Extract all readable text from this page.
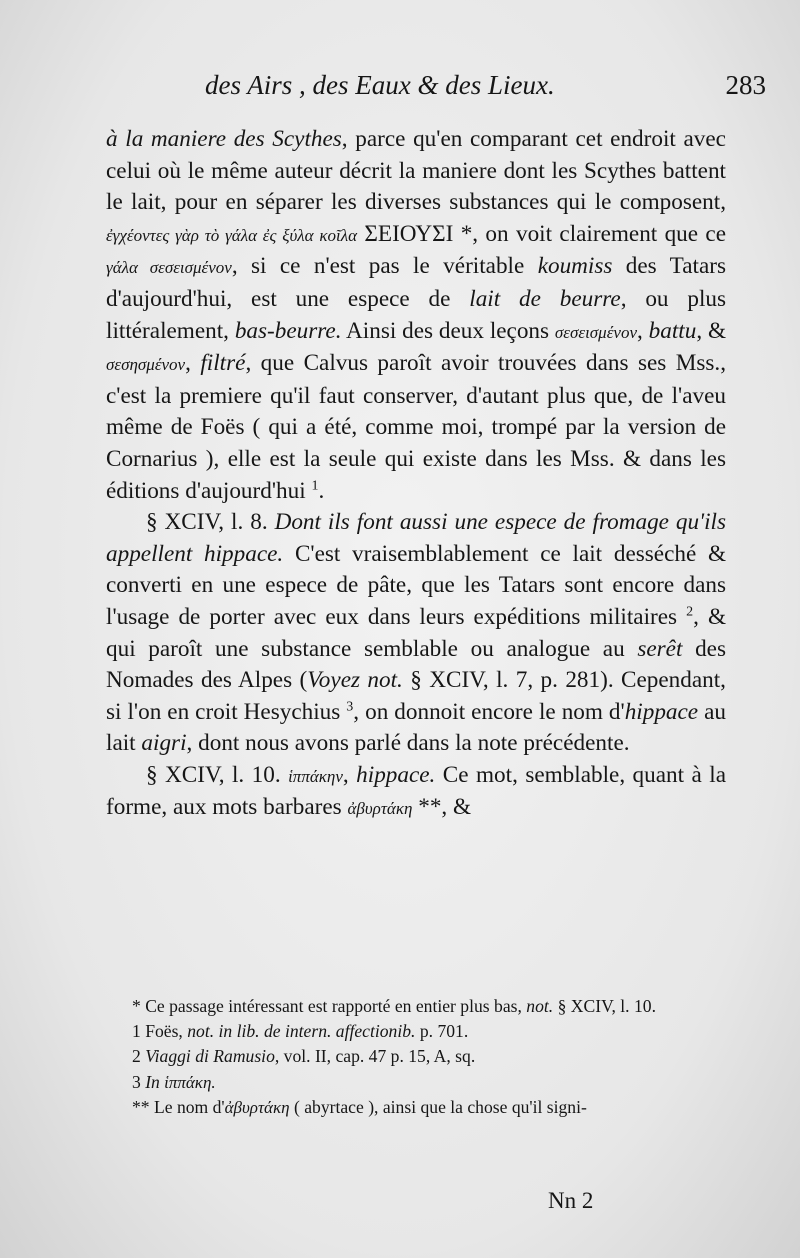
des Airs , des Eaux & des Lieux.	283

à la maniere des Scythes, parce qu'en comparant cet endroit avec celui où le même auteur décrit la maniere dont les Scythes battent le lait, pour en séparer les diverses substances qui le composent, ἐγχέοντες γὰρ τὸ γάλα ἐς ξύλα κοῖλα ΣΕΙΟΥΣΙ *, on voit clairement que ce γάλα σεσεισμένον, si ce n'est pas le véritable koumiss des Tatars d'aujourd'hui, est une espece de lait de beurre, ou plus littéralement, bas-beurre. Ainsi des deux leçons σεσεισμένον, battu, & σεσησμένον, filtré, que Calvus paroît avoir trouvées dans ses Mss., c'est la premiere qu'il faut conserver, d'autant plus que, de l'aveu même de Foës ( qui a été, comme moi, trompé par la version de Cornarius ), elle est la seule qui existe dans les Mss. & dans les éditions d'aujourd'hui $^1$.

§ XCIV, l. 8. Dont ils font aussi une espece de fromage qu'ils appellent hippace. C'est vraisemblablement ce lait desséché & converti en une espece de pâte, que les Tatars sont encore dans l'usage de porter avec eux dans leurs expéditions militaires $^2$, & qui paroît une substance semblable ou analogue au serêt des Nomades des Alpes (Voyez not. § XCIV, l. 7, p. 281). Cependant, si l'on en croit Hesychius $^3$, on donnoit encore le nom d'hippace au lait aigri, dont nous avons parlé dans la note précédente.

§ XCIV, l. 10. ἱππάκην, hippace. Ce mot, semblable, quant à la forme, aux mots barbares ἀβυρτάκη **, &

* Ce passage intéressant est rapporté en entier plus bas, not. § XCIV, l. 10.

1 Foës, not. in lib. de intern. affectionib. p. 701.

2 Viaggi di Ramusio, vol. II, cap. 47 p. 15, A, sq.

3 In ἱππάκη.

** Le nom d'ἀβυρτάκη ( abyrtace ), ainsi que la chose qu'il signi-

Nn 2
